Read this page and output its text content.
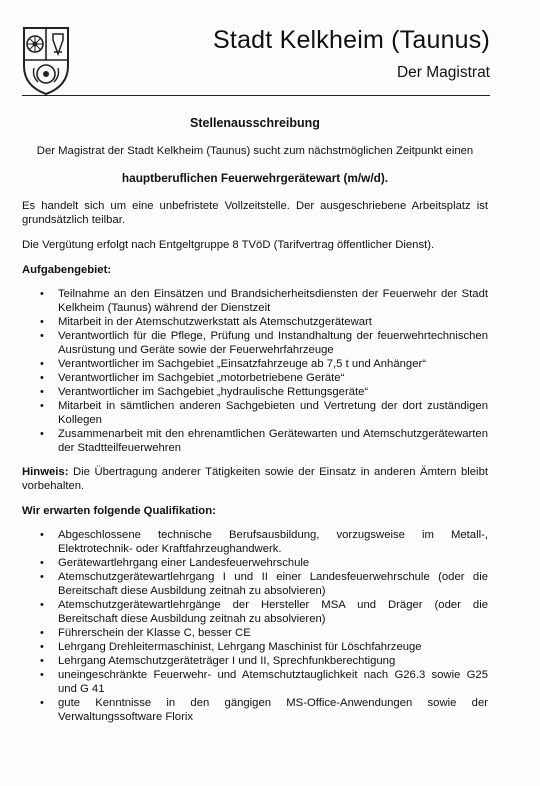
Stadt Kelkheim (Taunus)
Der Magistrat
Stellenausschreibung
Der Magistrat der Stadt Kelkheim (Taunus) sucht zum nächstmöglichen Zeitpunkt einen
hauptberuflichen Feuerwehrgerätewart (m/w/d).

Es handelt sich um eine unbefristete Vollzeitstelle. Der ausgeschriebene Arbeitsplatz ist grundsätzlich teilbar.

Die Vergütung erfolgt nach Entgeltgruppe 8 TVöD (Tarifvertrag öffentlicher Dienst).

Aufgabengebiet:
• Teilnahme an den Einsätzen und Brandsicherheitsdiensten der Feuerwehr der Stadt Kelkheim (Taunus) während der Dienstzeit
• Mitarbeit in der Atemschutzwerkstatt als Atemschutzgerätewart
• Verantwortlich für die Pflege, Prüfung und Instandhaltung der feuerwehrtechnischen Ausrüstung und Geräte sowie der Feuerwehrfahrzeuge
• Verantwortlicher im Sachgebiet „Einsatzfahrzeuge ab 7,5 t und Anhänger“
• Verantwortlicher im Sachgebiet „motorbetriebene Geräte“
• Verantwortlicher im Sachgebiet „hydraulische Rettungsgeräte“
• Mitarbeit in sämtlichen anderen Sachgebieten und Vertretung der dort zuständigen Kollegen
• Zusammenarbeit mit den ehrenamtlichen Gerätewarten und Atemschutzgerätewarten der Stadtteilfeuerwehren

Hinweis: Die Übertragung anderer Tätigkeiten sowie der Einsatz in anderen Ämtern bleibt vorbehalten.

Wir erwarten folgende Qualifikation:
• Abgeschlossene technische Berufsausbildung, vorzugsweise im Metall-, Elektrotechnik- oder Kraftfahrzeughandwerk.
• Gerätewartlehrgang einer Landesfeuerwehrschule
• Atemschutzgerätewartlehrgang I und II einer Landesfeuerwehrschule (oder die Bereitschaft diese Ausbildung zeitnah zu absolvieren)
• Atemschutzgerätewartlehrgänge der Hersteller MSA und Dräger (oder die Bereitschaft diese Ausbildung zeitnah zu absolvieren)
• Führerschein der Klasse C, besser CE
• Lehrgang Drehleitermaschinist, Lehrgang Maschinist für Löschfahrzeuge
• Lehrgang Atemschutzgeräteträger I und II, Sprechfunkberechtigung
• uneingeschränkte Feuerwehr- und Atemschutztauglichkeit nach G26.3 sowie G25 und G 41
• gute Kenntnisse in den gängigen MS-Office-Anwendungen sowie der Verwaltungssoftware Florix
